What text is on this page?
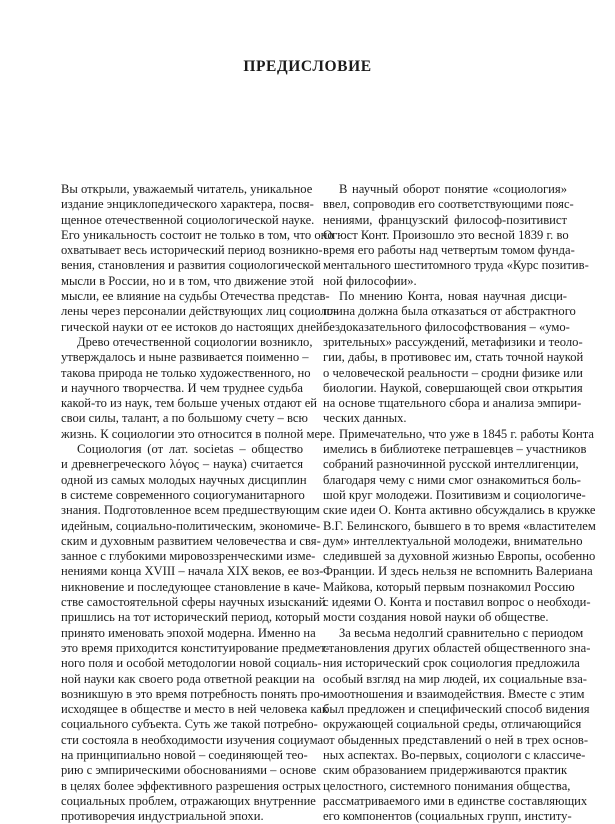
ПРЕДИСЛОВИЕ
Вы открыли, уважаемый читатель, уникальное
издание энциклопедического характера, посвя-
щенное отечественной социологической науке.
Его уникальность состоит не только в том, что оно
охватывает весь исторический период возникно-
вения, становления и развития социологической
мысли в России, но и в том, что движение этой
мысли, ее влияние на судьбы Отечества представ-
лены через персоналии действующих лиц социоло-
гической науки от ее истоков до настоящих дней.
Древо отечественной социологии возникло,
утверждалось и ныне развивается поименно –
такова природа не только художественного, но
и научного творчества. И чем труднее судьба
какой-то из наук, тем больше ученых отдают ей
свои силы, талант, а по большому счету – всю
жизнь. К социологии это относится в полной мере.
Социология (от лат. societas – общество
и древнегреческого λόγος – наука) считается
одной из самых молодых научных дисциплин
в системе современного социогуманитарного
знания. Подготовленное всем предшествующим
идейным, социально-политическим, экономиче-
ским и духовным развитием человечества и свя-
занное с глубокими мировоззренческими изме-
нениями конца XVIII – начала XIX веков, ее воз-
никновение и последующее становление в каче-
стве самостоятельной сферы научных изысканий
пришлись на тот исторический период, который
принято именовать эпохой модерна. Именно на
это время приходится конституирование предмет-
ного поля и особой методологии новой социаль-
ной науки как своего рода ответной реакции на
возникшую в это время потребность понять про-
исходящее в обществе и место в ней человека как
социального субъекта. Суть же такой потребно-
сти состояла в необходимости изучения социума
на принципиально новой – соединяющей тео-
рию с эмпирическими обоснованиями – основе
в целях более эффективного разрешения острых
социальных проблем, отражающих внутренние
противоречия индустриальной эпохи.
В научный оборот понятие «социология»
ввел, сопроводив его соответствующими пояс-
нениями, французский философ-позитивист
Огюст Конт. Произошло это весной 1839 г. во
время его работы над четвертым томом фунда-
ментального шеститомного труда «Курс позитив-
ной философии».
По мнению Конта, новая научная дисци-
плина должна была отказаться от абстрактного
бездоказательного философствования – «умо-
зрительных» рассуждений, метафизики и теоло-
гии, дабы, в противовес им, стать точной наукой
о человеческой реальности – сродни физике или
биологии. Наукой, совершающей свои открытия
на основе тщательного сбора и анализа эмпири-
ческих данных.
Примечательно, что уже в 1845 г. работы Конта
имелись в библиотеке петрашевцев – участников
собраний разночинной русской интеллигенции,
благодаря чему с ними смог ознакомиться боль-
шой круг молодежи. Позитивизм и социологиче-
ские идеи О. Конта активно обсуждались в кружке
В.Г. Белинского, бывшего в то время «властителем
дум» интеллектуальной молодежи, внимательно
следившей за духовной жизнью Европы, особенно
Франции. И здесь нельзя не вспомнить Валериана
Майкова, который первым познакомил Россию
с идеями О. Конта и поставил вопрос о необходи-
мости создания новой науки об обществе.
За весьма недолгий сравнительно с периодом
становления других областей общественного зна-
ния исторический срок социология предложила
особый взгляд на мир людей, их социальные вза-
имоотношения и взаимодействия. Вместе с этим
был предложен и специфический способ видения
окружающей социальной среды, отличающийся
от обыденных представлений о ней в трех основ-
ных аспектах. Во-первых, социологи с классиче-
ским образованием придерживаются практик
целостного, системного понимания общества,
рассматриваемого ими в единстве составляющих
его компонентов (социальных групп, институ-
